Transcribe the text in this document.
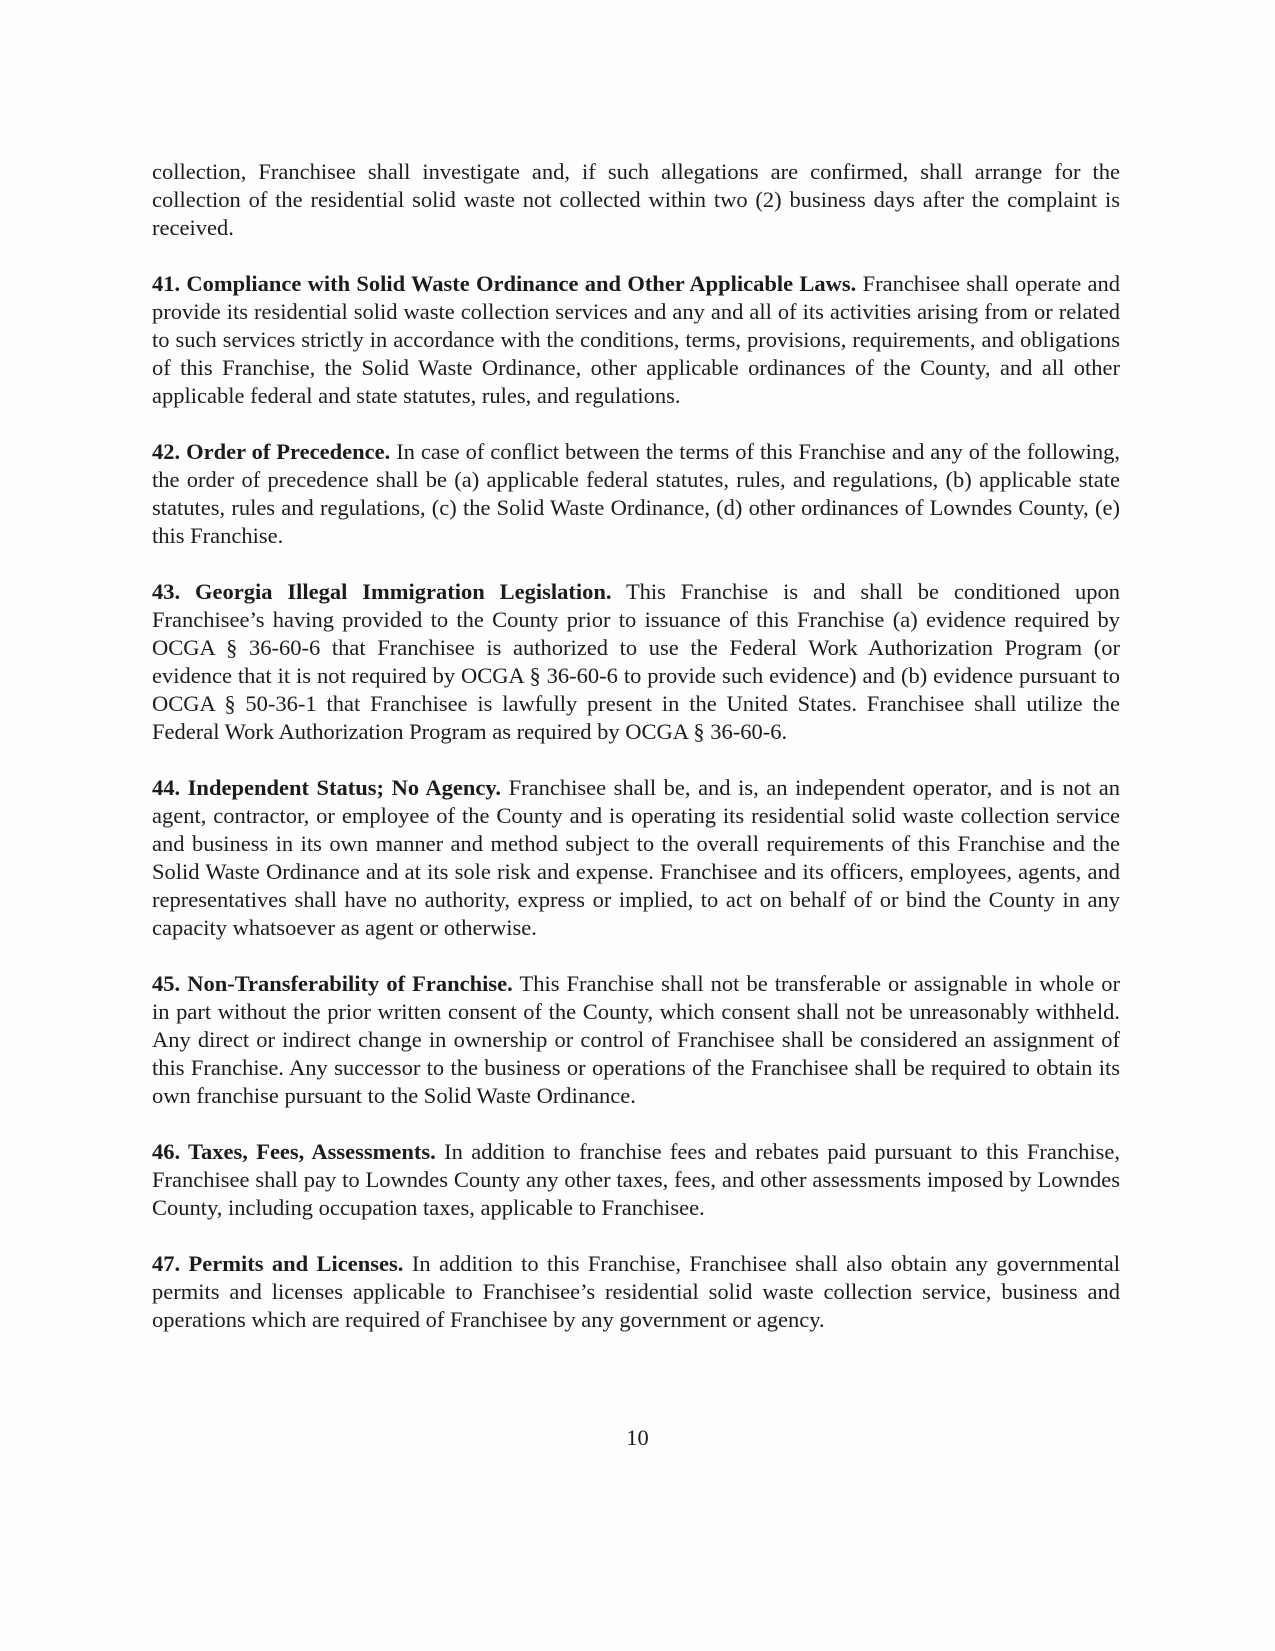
collection, Franchisee shall investigate and, if such allegations are confirmed, shall arrange for the collection of the residential solid waste not collected within two (2) business days after the complaint is received.

41. Compliance with Solid Waste Ordinance and Other Applicable Laws. Franchisee shall operate and provide its residential solid waste collection services and any and all of its activities arising from or related to such services strictly in accordance with the conditions, terms, provisions, requirements, and obligations of this Franchise, the Solid Waste Ordinance, other applicable ordinances of the County, and all other applicable federal and state statutes, rules, and regulations.

42. Order of Precedence. In case of conflict between the terms of this Franchise and any of the following, the order of precedence shall be (a) applicable federal statutes, rules, and regulations, (b) applicable state statutes, rules and regulations, (c) the Solid Waste Ordinance, (d) other ordinances of Lowndes County, (e) this Franchise.

43. Georgia Illegal Immigration Legislation. This Franchise is and shall be conditioned upon Franchisee’s having provided to the County prior to issuance of this Franchise (a) evidence required by OCGA § 36-60-6 that Franchisee is authorized to use the Federal Work Authorization Program (or evidence that it is not required by OCGA § 36-60-6 to provide such evidence) and (b) evidence pursuant to OCGA § 50-36-1 that Franchisee is lawfully present in the United States. Franchisee shall utilize the Federal Work Authorization Program as required by OCGA § 36-60-6.

44. Independent Status; No Agency. Franchisee shall be, and is, an independent operator, and is not an agent, contractor, or employee of the County and is operating its residential solid waste collection service and business in its own manner and method subject to the overall requirements of this Franchise and the Solid Waste Ordinance and at its sole risk and expense. Franchisee and its officers, employees, agents, and representatives shall have no authority, express or implied, to act on behalf of or bind the County in any capacity whatsoever as agent or otherwise.

45. Non-Transferability of Franchise. This Franchise shall not be transferable or assignable in whole or in part without the prior written consent of the County, which consent shall not be unreasonably withheld. Any direct or indirect change in ownership or control of Franchisee shall be considered an assignment of this Franchise. Any successor to the business or operations of the Franchisee shall be required to obtain its own franchise pursuant to the Solid Waste Ordinance.

46. Taxes, Fees, Assessments. In addition to franchise fees and rebates paid pursuant to this Franchise, Franchisee shall pay to Lowndes County any other taxes, fees, and other assessments imposed by Lowndes County, including occupation taxes, applicable to Franchisee.

47. Permits and Licenses. In addition to this Franchise, Franchisee shall also obtain any governmental permits and licenses applicable to Franchisee’s residential solid waste collection service, business and operations which are required of Franchisee by any government or agency.

10
